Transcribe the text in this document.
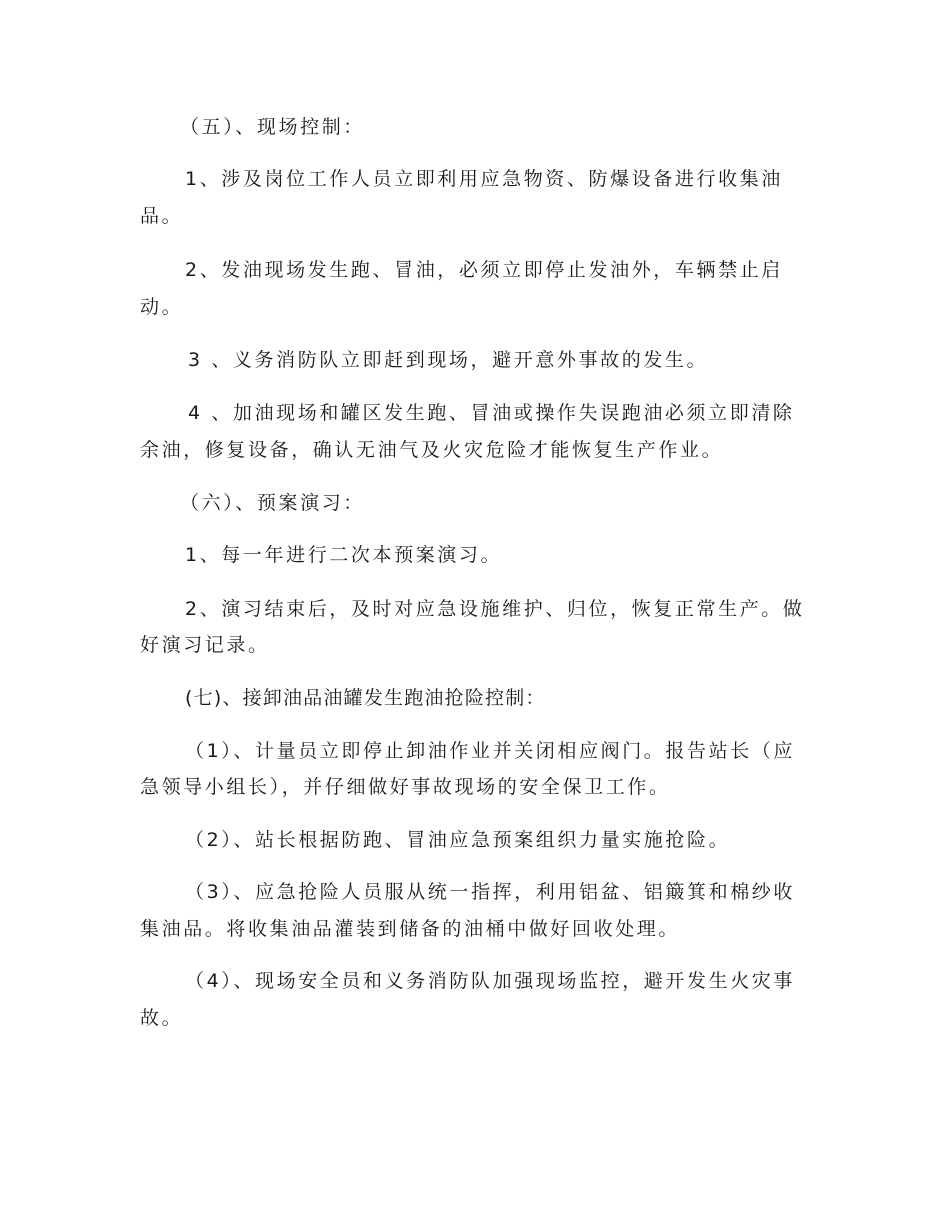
（五）、现场控制：
1、涉及岗位工作人员立即利用应急物资、防爆设备进行收集油
品。
2、发油现场发生跑、冒油，必须立即停止发油外，车辆禁止启
动。
3 、义务消防队立即赶到现场，避开意外事故的发生。
4 、加油现场和罐区发生跑、冒油或操作失误跑油必须立即清除
余油，修复设备，确认无油气及火灾危险才能恢复生产作业。
（六）、预案演习：
1、每一年进行二次本预案演习。
2、演习结束后，及时对应急设施维护、归位，恢复正常生产。做
好演习记录。
(七)、接卸油品油罐发生跑油抢险控制：
（1）、计量员立即停止卸油作业并关闭相应阀门。报告站长（应
急领导小组长），并仔细做好事故现场的安全保卫工作。
（2）、站长根据防跑、冒油应急预案组织力量实施抢险。
（3）、应急抢险人员服从统一指挥，利用铝盆、铝簸箕和棉纱收
集油品。将收集油品灌装到储备的油桶中做好回收处理。
（4）、现场安全员和义务消防队加强现场监控，避开发生火灾事
故。
